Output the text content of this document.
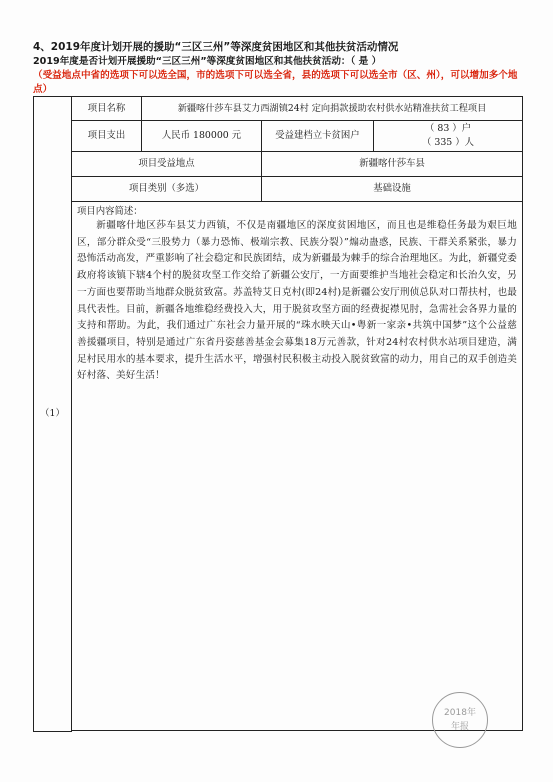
4、2019年度计划开展的援助“三区三州”等深度贫困地区和其他扶贫活动情况
2019年度是否计划开展援助“三区三州”等深度贫困地区和其他扶贫活动：（ 是 ）
（受益地点中省的选项下可以选全国，市的选项下可以选全省，县的选项下可以选全市（区、州），可以增加多个地点）
（1）	项目名称	新疆喀什莎车县艾力西湖镇24村 定向捐款援助农村供水站精准扶贫工程项目		
	项目支出	人民币 180000 元	受益建档立卡贫困户	（ 83 ）户
（ 335 ）人

	项目受益地点		新疆喀什莎车县	
	项目类别（多选）		基础设施	

	项目内容简述：
新疆喀什地区莎车县艾力西镇，不仅是南疆地区的深度贫困地区，而且也是维稳任务最为艰巨地区，部分群众受“三股势力（暴力恐怖、极端宗教、民族分裂）”煽动蛊惑，民族、干群关系紧张，暴力恐怖活动高发，严重影响了社会稳定和民族团结，成为新疆最为棘手的综合治理地区。为此，新疆党委政府将该镇下辖4个村的脱贫攻坚工作交给了新疆公安厅，一方面要维护当地社会稳定和长治久安，另一方面也要帮助当地群众脱贫致富。苏盖特艾日克村(即24村)是新疆公安厅刑侦总队对口帮扶村，也最具代表性。目前，新疆各地维稳经费投入大，用于脱贫攻坚方面的经费捉襟见肘，急需社会各界力量的支持和帮助。为此，我们通过广东社会力量开展的“珠水映天山•粤新一家亲•共筑中国梦”这个公益慈善援疆项目，特别是通过广东省丹姿慈善基金会募集18万元善款，针对24村农村供水站项目建造，满足村民用水的基本要求，提升生活水平，增强村民积极主动投入脱贫致富的动力，用自己的双手创造美好村落、美好生活！			

2018年
年报
